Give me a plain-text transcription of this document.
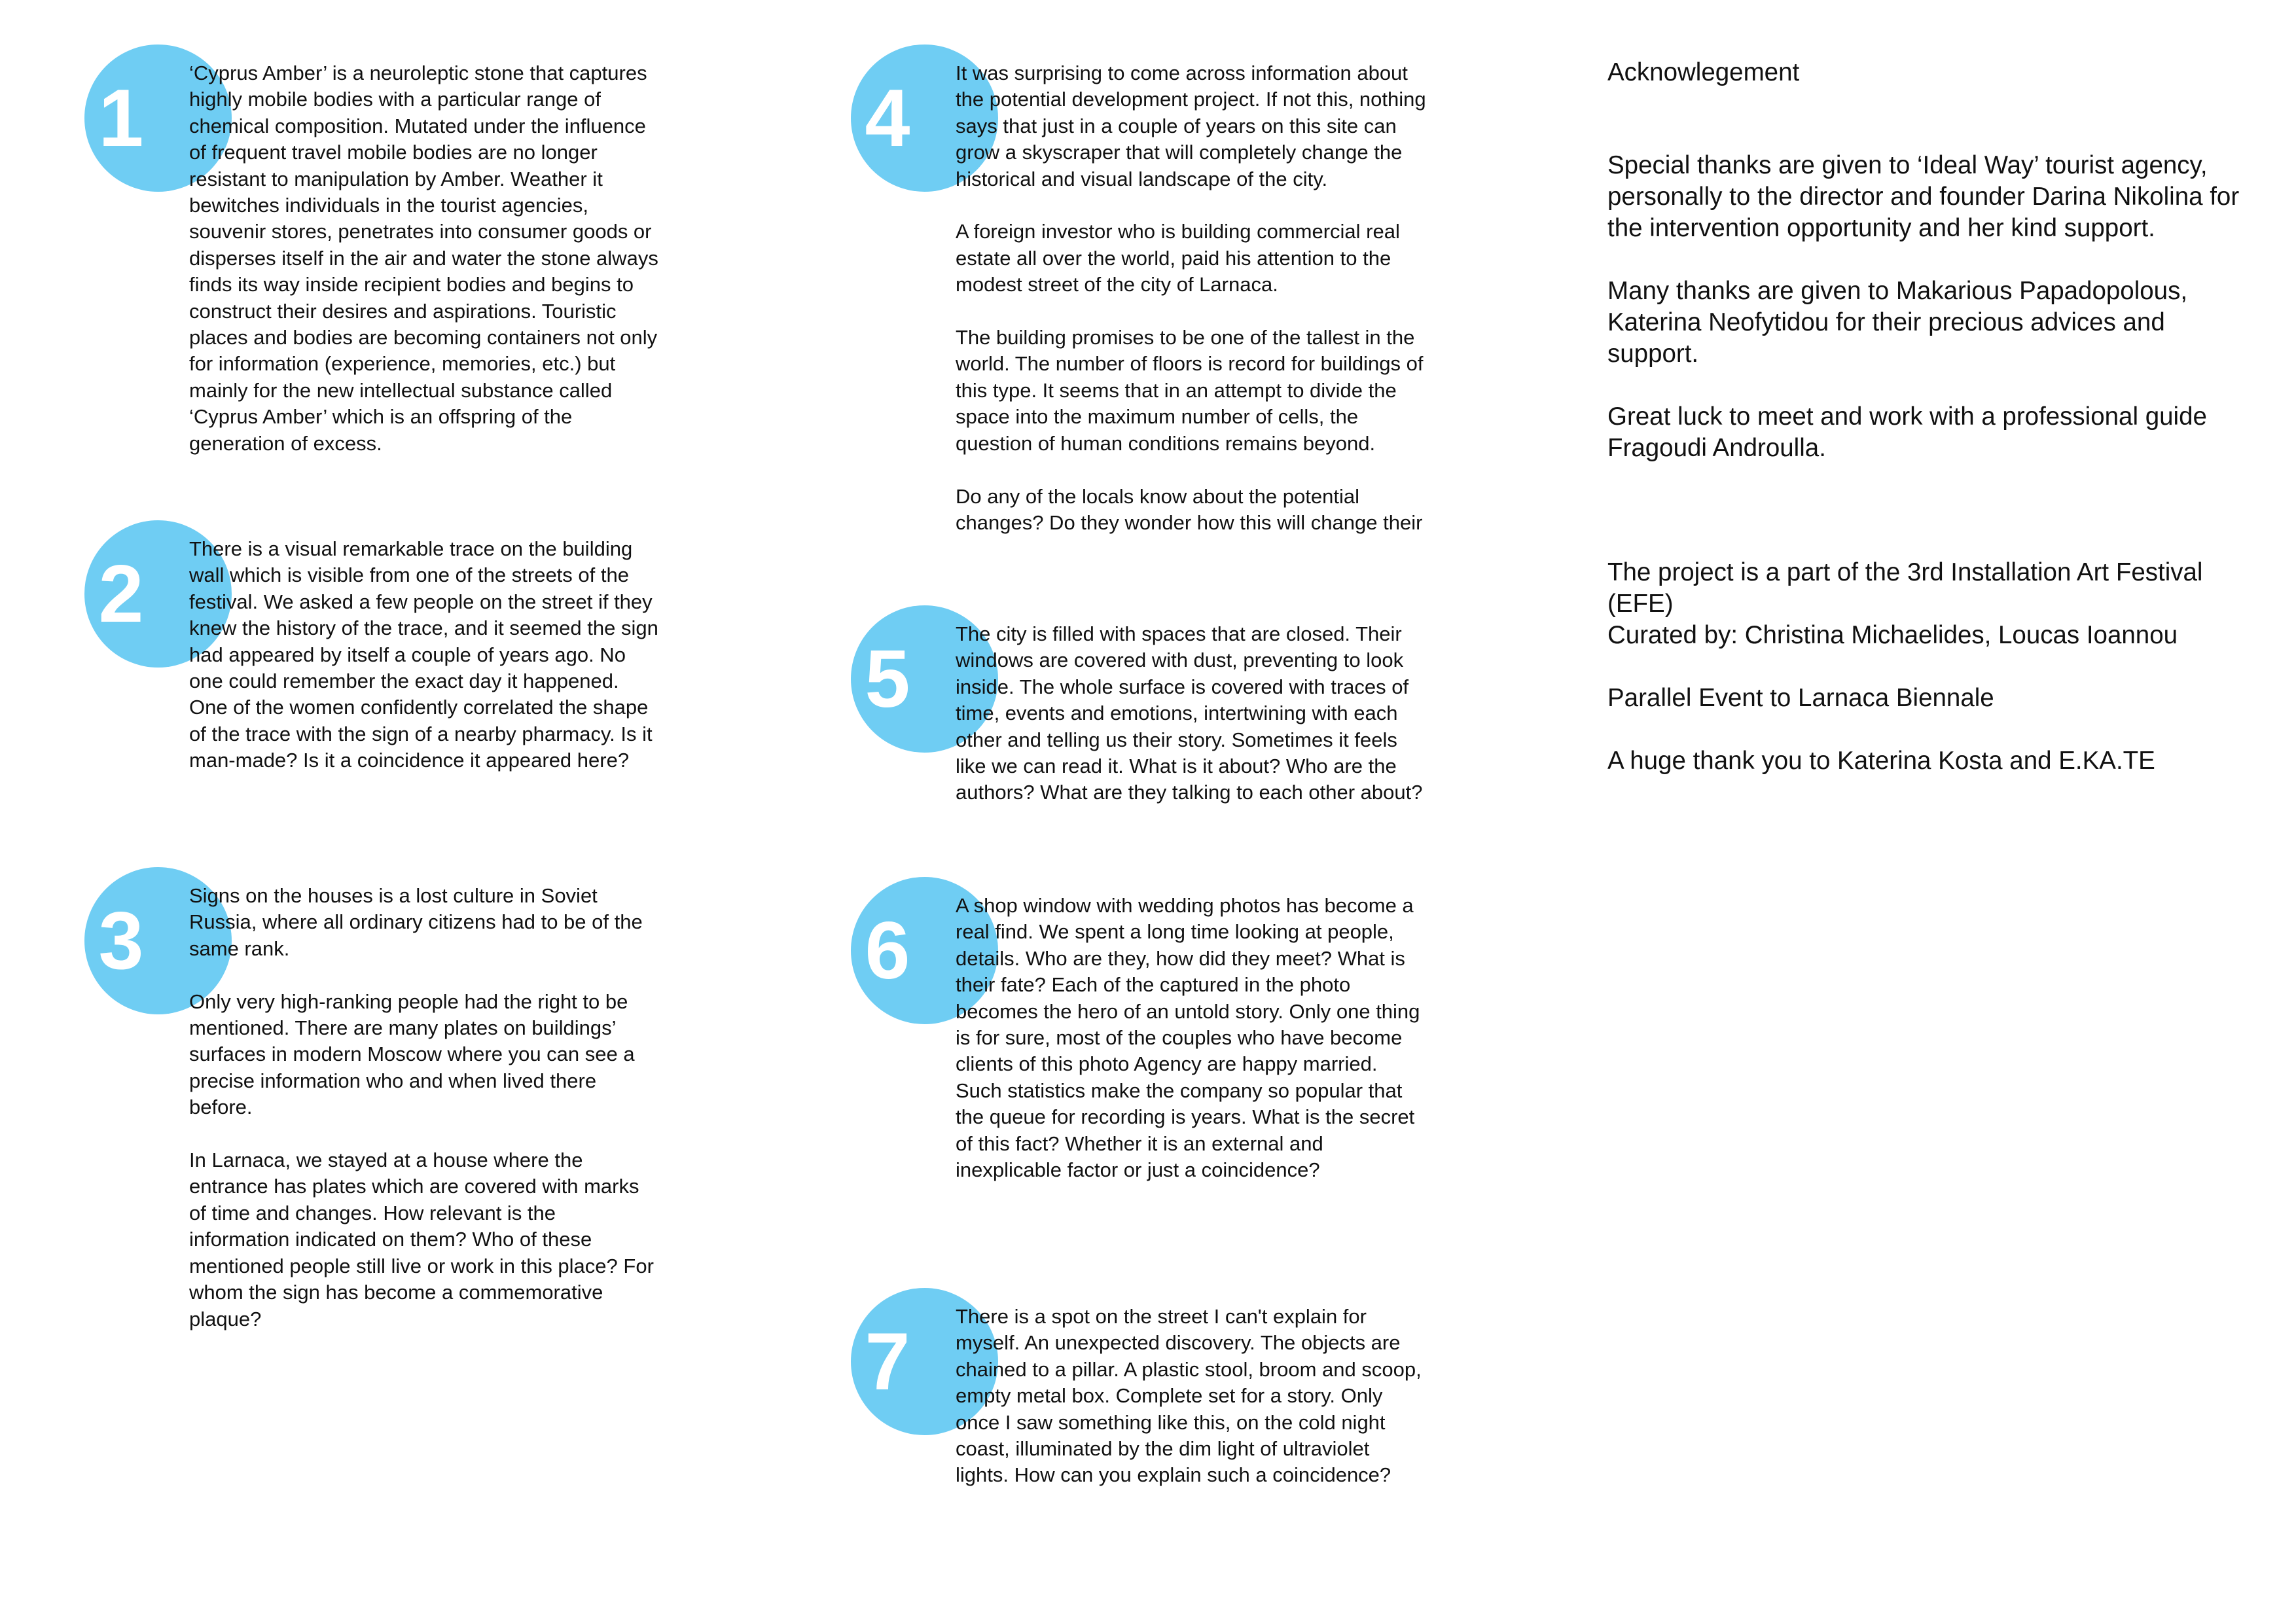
1	‘Cyprus Amber’ is a neuroleptic stone that captures
highly mobile bodies with a particular range of
chemical composition. Mutated under the influence
of frequent travel mobile bodies are no longer
resistant to manipulation by Amber. Weather it
bewitches individuals in the tourist agencies,
souvenir stores, penetrates into consumer goods or
disperses itself in the air and water the stone always
finds its way inside recipient bodies and begins to
construct their desires and aspirations. Touristic
places and bodies are becoming containers not only
for information (experience, memories, etc.) but
mainly for the new intellectual substance called
‘Cyprus Amber’ which is an offspring of the
generation of excess.
2	There is a visual remarkable trace on the building
wall which is visible from one of the streets of the
festival. We asked a few people on the street if they
knew the history of the trace, and it seemed the sign
had appeared by itself a couple of years ago. No
one could remember the exact day it happened.
One of the women confidently correlated the shape
of the trace with the sign of a nearby pharmacy. Is it
man-made? Is it a coincidence it appeared here?
3	Signs on the houses is a lost culture in Soviet
Russia, where all ordinary citizens had to be of the
same rank.

Only very high-ranking people had the right to be
mentioned. There are many plates on buildings’
surfaces in modern Moscow where you can see a
precise information who and when lived there
before.

In Larnaca, we stayed at a house where the
entrance has plates which are covered with marks
of time and changes. How relevant is the
information indicated on them? Who of these
mentioned people still live or work in this place? For
whom the sign has become a commemorative
plaque?
4	It was surprising to come across information about
the potential development project. If not this, nothing
says that just in a couple of years on this site can
grow a skyscraper that will completely change the
historical and visual landscape of the city.

A foreign investor who is building commercial real
estate all over the world, paid his attention to the
modest street of the city of Larnaca.

The building promises to be one of the tallest in the
world. The number of floors is record for buildings of
this type. It seems that in an attempt to divide the
space into the maximum number of cells, the
question of human conditions remains beyond.

Do any of the locals know about the potential
changes? Do they wonder how this will change their
5	The city is filled with spaces that are closed. Their
windows are covered with dust, preventing to look
inside. The whole surface is covered with traces of
time, events and emotions, intertwining with each
other and telling us their story. Sometimes it feels
like we can read it. What is it about? Who are the
authors? What are they talking to each other about?
6	A shop window with wedding photos has become a
real find. We spent a long time looking at people,
details. Who are they, how did they meet? What is
their fate? Each of the captured in the photo
becomes the hero of an untold story. Only one thing
is for sure, most of the couples who have become
clients of this photo Agency are happy married.
Such statistics make the company so popular that
the queue for recording is years. What is the secret
of this fact? Whether it is an external and
inexplicable factor or just a coincidence?
7	There is a spot on the street I can't explain for
myself. An unexpected discovery. The objects are
chained to a pillar. A plastic stool, broom and scoop,
empty metal box. Complete set for a story. Only
once I saw something like this, on the cold night
coast, illuminated by the dim light of ultraviolet
lights. How can you explain such a coincidence?
Acknowlegement
Special thanks are given to ‘Ideal Way’ tourist agency,
personally to the director and founder Darina Nikolina for
the intervention opportunity and her kind support.

Many thanks are given to Makarious Papadopolous,
Katerina Neofytidou for their precious advices and
support.

Great luck to meet and work with a professional guide
Fragoudi Androulla.
The project is a part of the 3rd Installation Art Festival
(EFE)
Curated by: Christina Michaelides, Loucas Ioannou

Parallel Event to Larnaca Biennale

A huge thank you to Katerina Kosta and E.KA.TE
